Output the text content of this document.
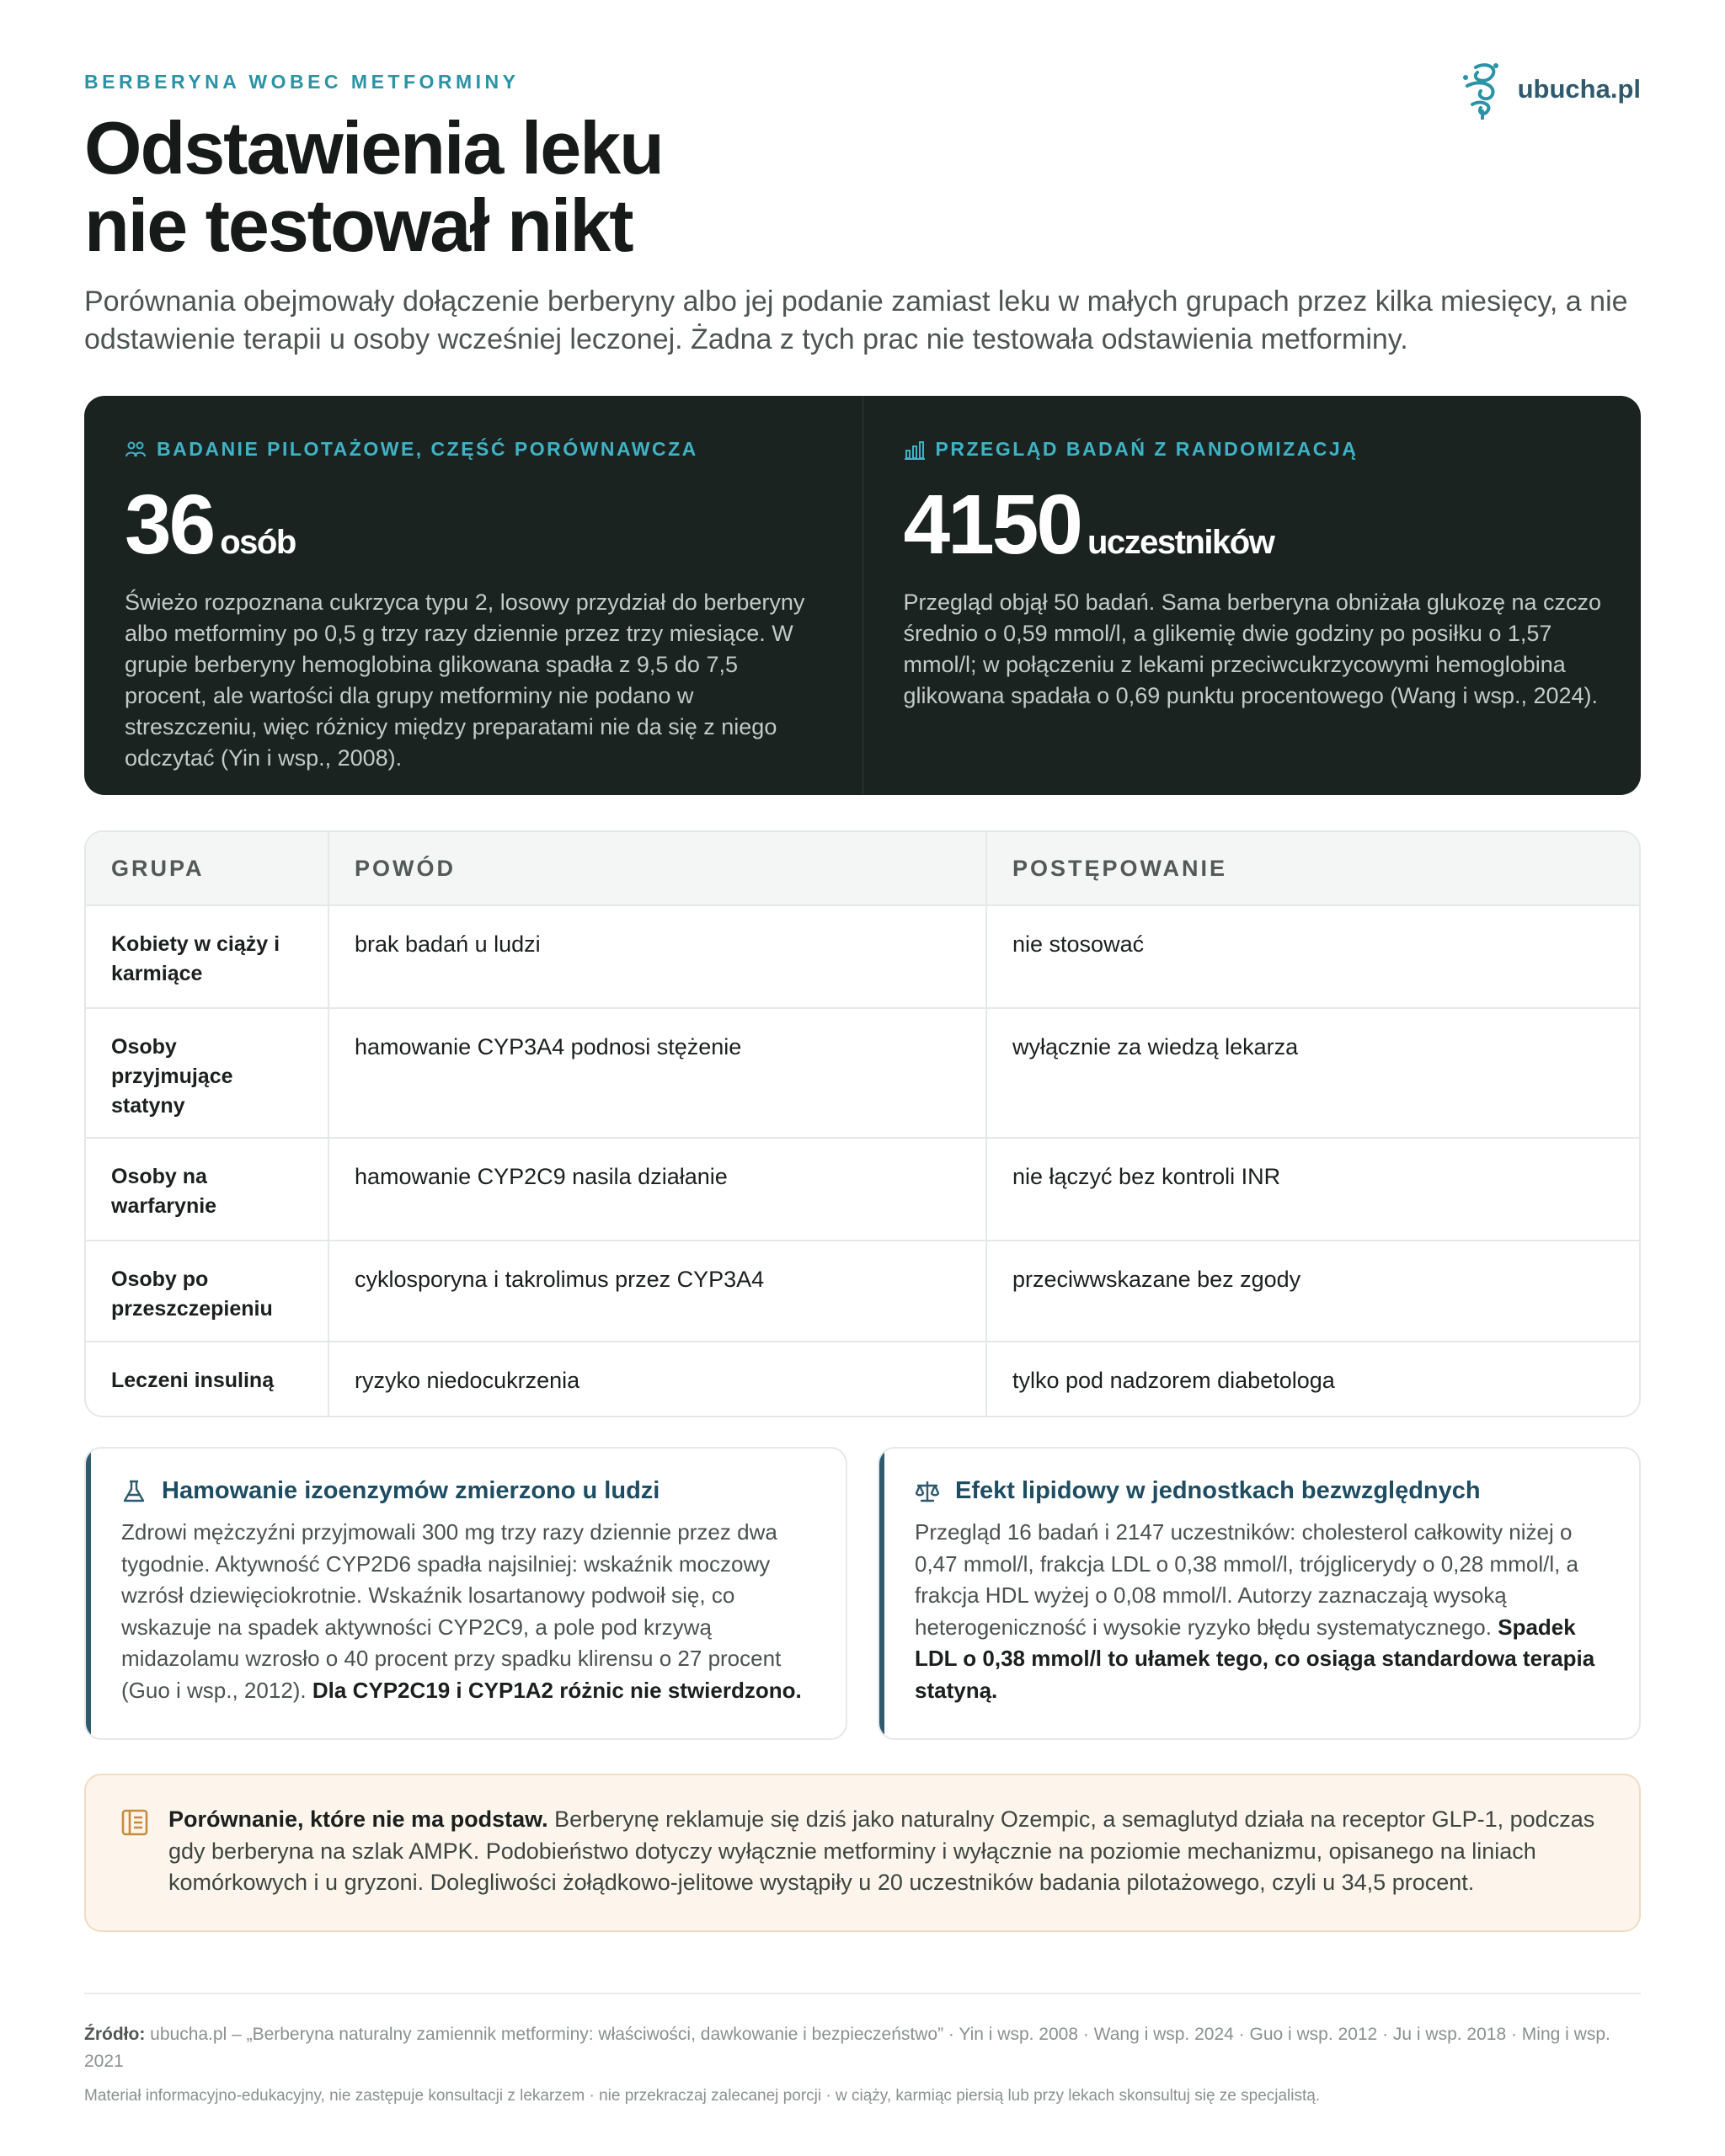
BERBERYNA WOBEC METFORMINY
Odstawienia leku
nie testował nikt
ubucha.pl

Porównania obejmowały dołączenie berberyny albo jej podanie zamiast leku w małych grupach przez kilka miesięcy, a nie odstawienie terapii u osoby wcześniej leczonej. Żadna z tych prac nie testowała odstawienia metforminy.

BADANIE PILOTAŻOWE, CZĘŚĆ PORÓWNAWCZA
36 osób
Świeżo rozpoznana cukrzyca typu 2, losowy przydział do berberyny albo metforminy po 0,5 g trzy razy dziennie przez trzy miesiące. W grupie berberyny hemoglobina glikowana spadła z 9,5 do 7,5 procent, ale wartości dla grupy metforminy nie podano w streszczeniu, więc różnicy między preparatami nie da się z niego odczytać (Yin i wsp., 2008).
PRZEGLĄD BADAŃ Z RANDOMIZACJĄ
4150 uczestników
Przegląd objął 50 badań. Sama berberyna obniżała glukozę na czczo średnio o 0,59 mmol/l, a glikemię dwie godziny po posiłku o 1,57 mmol/l; w połączeniu z lekami przeciwcukrzycowymi hemoglobina glikowana spadała o 0,69 punktu procentowego (Wang i wsp., 2024).
GRUPA	POWÓD	POSTĘPOWANIE
Kobiety w ciąży i karmiące	brak badań u ludzi	nie stosować
Osoby przyjmujące statyny	hamowanie CYP3A4 podnosi stężenie	wyłącznie za wiedzą lekarza
Osoby na warfarynie	hamowanie CYP2C9 nasila działanie	nie łączyć bez kontroli INR
Osoby po przeszczepieniu	cyklosporyna i takrolimus przez CYP3A4	przeciwwskazane bez zgody
Leczeni insuliną	ryzyko niedocukrzenia	tylko pod nadzorem diabetologa
Hamowanie izoenzymów zmierzono u ludzi
Zdrowi mężczyźni przyjmowali 300 mg trzy razy dziennie przez dwa tygodnie. Aktywność CYP2D6 spadła najsilniej: wskaźnik moczowy wzrósł dziewięciokrotnie. Wskaźnik losartanowy podwoił się, co wskazuje na spadek aktywności CYP2C9, a pole pod krzywą midazolamu wzrosło o 40 procent przy spadku klirensu o 27 procent (Guo i wsp., 2012). Dla CYP2C19 i CYP1A2 różnic nie stwierdzono.
Efekt lipidowy w jednostkach bezwzględnych
Przegląd 16 badań i 2147 uczestników: cholesterol całkowity niżej o 0,47 mmol/l, frakcja LDL o 0,38 mmol/l, trójglicerydy o 0,28 mmol/l, a frakcja HDL wyżej o 0,08 mmol/l. Autorzy zaznaczają wysoką heterogeniczność i wysokie ryzyko błędu systematycznego. Spadek LDL o 0,38 mmol/l to ułamek tego, co osiąga standardowa terapia statyną.
Porównanie, które nie ma podstaw. Berberynę reklamuje się dziś jako naturalny Ozempic, a semaglutyd działa na receptor GLP-1, podczas gdy berberyna na szlak AMPK. Podobieństwo dotyczy wyłącznie metforminy i wyłącznie na poziomie mechanizmu, opisanego na liniach komórkowych i u gryzoni. Dolegliwości żołądkowo-jelitowe wystąpiły u 20 uczestników badania pilotażowego, czyli u 34,5 procent.
Źródło: ubucha.pl – „Berberyna naturalny zamiennik metforminy: właściwości, dawkowanie i bezpieczeństwo” · Yin i wsp. 2008 · Wang i wsp. 2024 · Guo i wsp. 2012 · Ju i wsp. 2018 · Ming i wsp. 2021
Materiał informacyjno-edukacyjny, nie zastępuje konsultacji z lekarzem · nie przekraczaj zalecanej porcji · w ciąży, karmiąc piersią lub przy lekach skonsultuj się ze specjalistą.
